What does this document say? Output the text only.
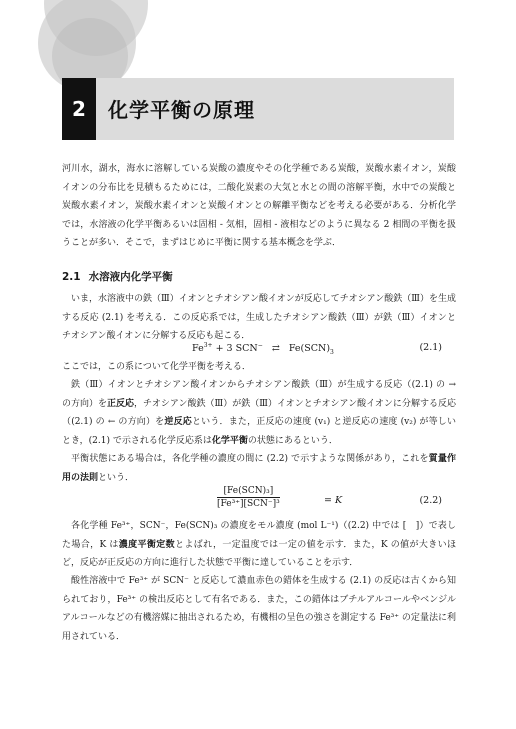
2	化学平衡の原理

河川水，湖水，海水に溶解している炭酸の濃度やその化学種である炭酸，炭酸水素イオン，炭酸イオンの分布比を見積もるためには，二酸化炭素の大気と水との間の溶解平衡，水中での炭酸と炭酸水素イオン，炭酸水素イオンと炭酸イオンとの解離平衡などを考える必要がある．分析化学では，水溶液の化学平衡あるいは固相 - 気相，固相 - 液相などのように異なる 2 相間の平衡を扱うことが多い．そこで，まずはじめに平衡に関する基本概念を学ぶ．

2.1 水溶液内化学平衡

いま，水溶液中の鉄（Ⅲ）イオンとチオシアン酸イオンが反応してチオシアン酸鉄（Ⅲ）を生成する反応 (2.1) を考える．この反応系では，生成したチオシアン酸鉄（Ⅲ）が鉄（Ⅲ）イオンとチオシアン酸イオンに分解する反応も起こる．

$Fe^{3+} + 3$ SCN− ⇄ $Fe(SCN)_3$	(2.1)

ここでは，この系について化学平衡を考える．

鉄（Ⅲ）イオンとチオシアン酸イオンからチオシアン酸鉄（Ⅲ）が生成する反応（(2.1) の → の方向）を正反応，チオシアン酸鉄（Ⅲ）が鉄（Ⅲ）イオンとチオシアン酸イオンに分解する反応（(2.1) の ← の方向）を逆反応という．また，正反応の速度 (v₁) と逆反応の速度 (v₂) が等しいとき，(2.1) で示される化学反応系は化学平衡の状態にあるという．

平衡状態にある場合は，各化学種の濃度の間に (2.2) で示すような関係があり，これを質量作用の法則という．

[Fe(SCN)₃]
[Fe³⁺][SCN⁻]³	= K	(2.2)

各化学種 Fe³⁺，SCN⁻，Fe(SCN)₃ の濃度をモル濃度 (mol L⁻¹)（(2.2) 中では [　]）で表した場合，K は濃度平衡定数とよばれ，一定温度では一定の値を示す．また，K の値が大きいほど，反応が正反応の方向に進行した状態で平衡に達していることを示す．

酸性溶液中で Fe³⁺ が SCN⁻ と反応して濃血赤色の錯体を生成する (2.1) の反応は古くから知られており，Fe³⁺ の検出反応として有名である．また，この錯体はブチルアルコールやベンジルアルコールなどの有機溶媒に抽出されるため，有機相の呈色の強さを測定する Fe³⁺ の定量法に利用されている．
